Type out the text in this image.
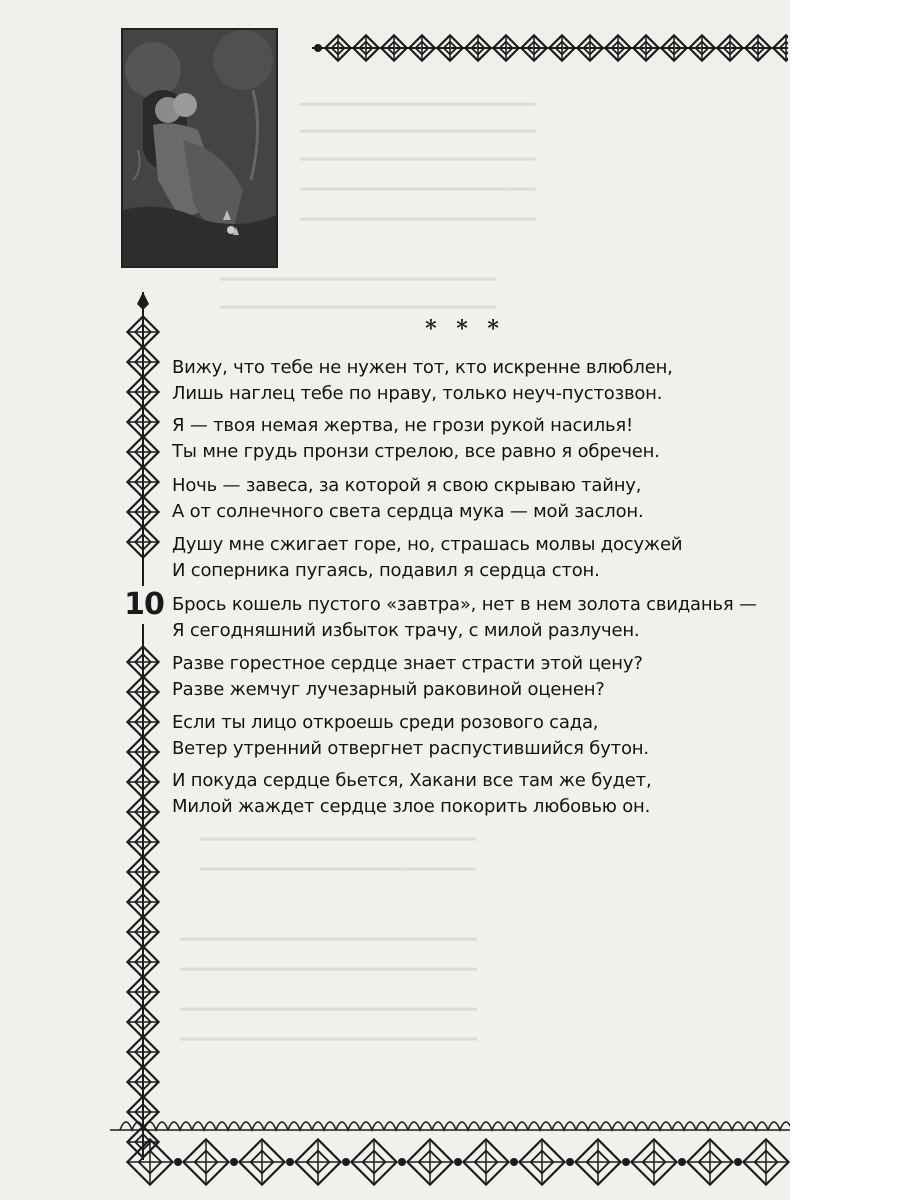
━━━━━━━━━━━━━━━━━━━━━━━
━━━━━━━━━━━━━━━━━━━━━━━
━━━━━━━━━━━━━━━━━━━━━━━
━━━━━━━━━━━━━━━━━━━━━━━
━━━━━━━━━━━━━━━━━━━━━━━
━━━━━━━━━━━━━━━━━━━━━━━━━━━
━━━━━━━━━━━━━━━━━━━━━━━━━━━
━━━━━━━━━━━━━━━━━━━━━━━━━━━
━━━━━━━━━━━━━━━━━━━━━━━━━━━
━━━━━━━━━━━━━━━━━━━━━━━━━━━━━
━━━━━━━━━━━━━━━━━━━━━━━━━━━━━
━━━━━━━━━━━━━━━━━━━━━━━━━━━━━
━━━━━━━━━━━━━━━━━━━━━━━━━━━━━
10
* * *
Вижу, что тебе не нужен тот, кто искренне влюблен,
Лишь наглец тебе по нраву, только неуч-пустозвон.
Я — твоя немая жертва, не грози рукой насилья!
Ты мне грудь пронзи стрелою, все равно я обречен.
Ночь — завеса, за которой я свою скрываю тайну,
А от солнечного света сердца мука — мой заслон.
Душу мне сжигает горе, но, страшась молвы досужей
И соперника пугаясь, подавил я сердца стон.
Брось кошель пустого «завтра», нет в нем золота свиданья —
Я сегодняшний избыток трачу, с милой разлучен.
Разве горестное сердце знает страсти этой цену?
Разве жемчуг лучезарный раковиной оценен?
Если ты лицо откроешь среди розового сада,
Ветер утренний отвергнет распустившийся бутон.
И покуда сердце бьется, Хакани все там же будет,
Милой жаждет сердце злое покорить любовью он.
